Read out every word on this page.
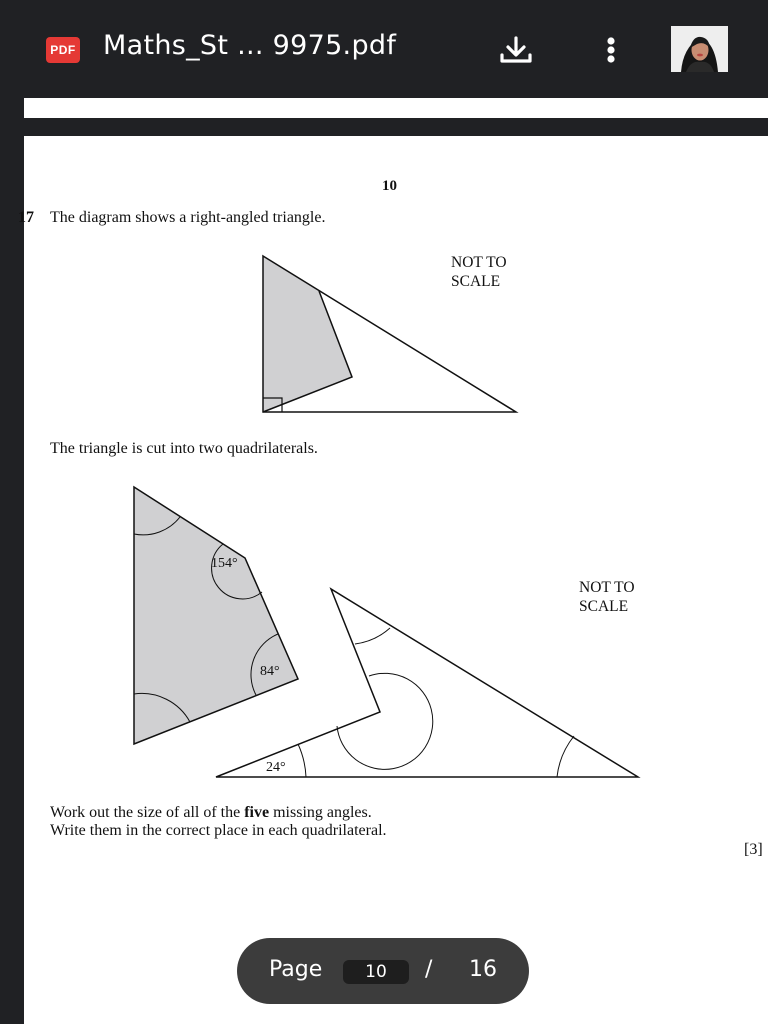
PDF Maths_St ... 9975.pdf
10
17 The diagram shows a right-angled triangle.
NOT TO
SCALE
The triangle is cut into two quadrilaterals.
NOT TO
SCALE
154°
84°
24°
Work out the size of all of the five missing angles.
Write them in the correct place in each quadrilateral.
[3]
Page
10	/ 16
